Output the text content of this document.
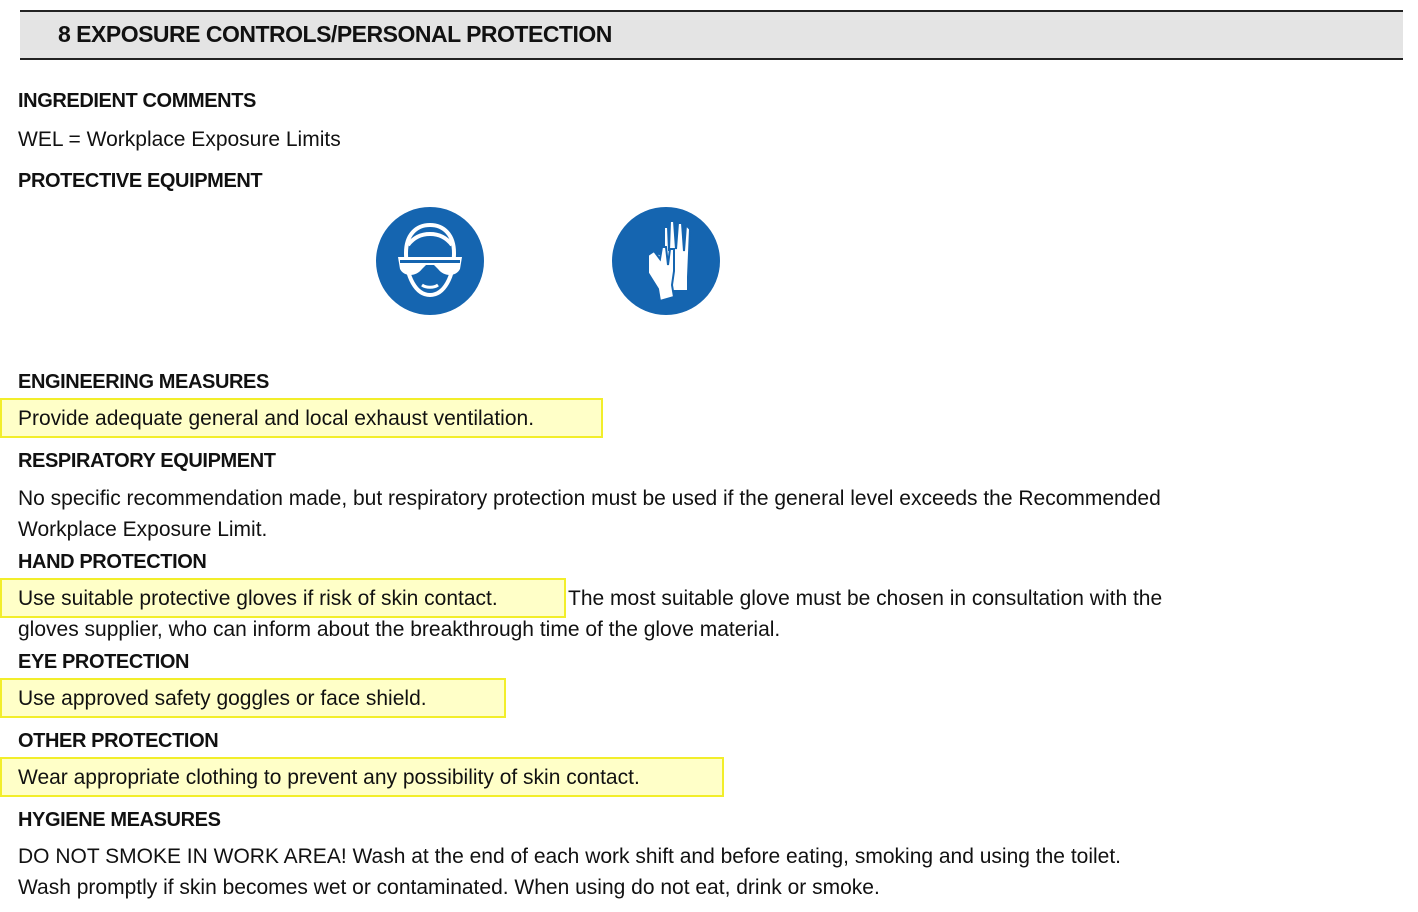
8 EXPOSURE CONTROLS/PERSONAL PROTECTION
INGREDIENT COMMENTS
WEL = Workplace Exposure Limits
PROTECTIVE EQUIPMENT
ENGINEERING MEASURES
Provide adequate general and local exhaust ventilation.
RESPIRATORY EQUIPMENT
No specific recommendation made, but respiratory protection must be used if the general level exceeds the Recommended
Workplace Exposure Limit.
HAND PROTECTION
Use suitable protective gloves if risk of skin contact.	The most suitable glove must be chosen in consultation with the
gloves supplier, who can inform about the breakthrough time of the glove material.
EYE PROTECTION
Use approved safety goggles or face shield.
OTHER PROTECTION
Wear appropriate clothing to prevent any possibility of skin contact.
HYGIENE MEASURES
DO NOT SMOKE IN WORK AREA! Wash at the end of each work shift and before eating, smoking and using the toilet.
Wash promptly if skin becomes wet or contaminated. When using do not eat, drink or smoke.
